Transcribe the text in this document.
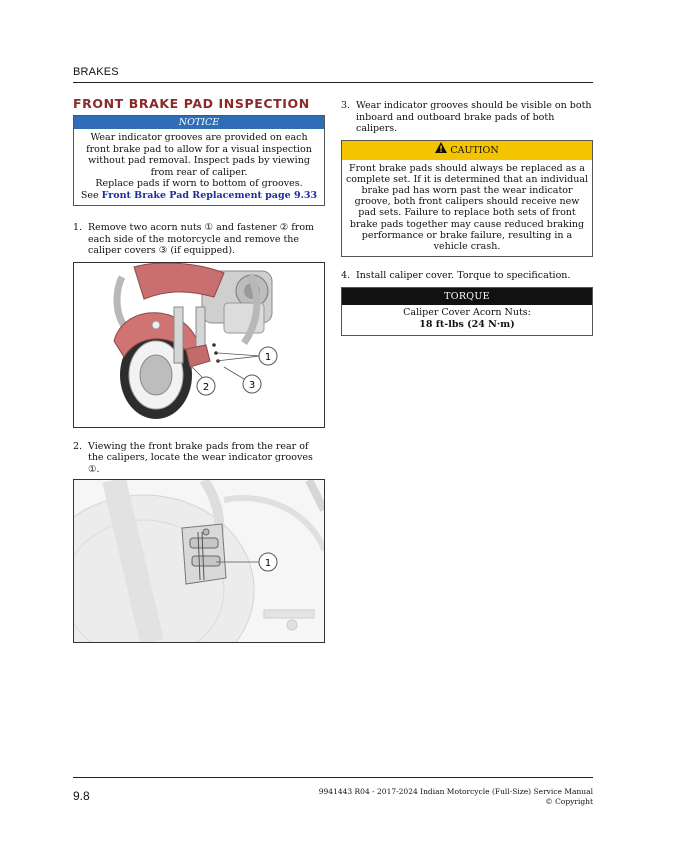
BRAKES
FRONT BRAKE PAD INSPECTION
NOTICE

Wear indicator grooves are provided on each front brake pad to allow for a visual inspection without pad removal. Inspect pads by viewing from rear of caliper.

Replace pads if worn to bottom of grooves.

See Front Brake Pad Replacement page 9.33

1. Remove two acorn nuts ① and fastener ② from each side of the motorcycle and remove the caliper covers ③ (if equipped).
1
2	3
2. Viewing the front brake pads from the rear of the calipers, locate the wear indicator grooves ①.
1
3. Wear indicator grooves should be visible on both inboard and outboard brake pads of both calipers.
CAUTION

Front brake pads should always be replaced as a complete set. If it is determined that an individual brake pad has worn past the wear indicator groove, both front calipers should receive new pad sets. Failure to replace both sets of front brake pads together may cause reduced braking performance or brake failure, resulting in a vehicle crash.

4. Install caliper cover. Torque to specification.
TORQUE
Caliper Cover Acorn Nuts:
18 ft-lbs (24 N·m)
9.8	9941443 R04 - 2017-2024 Indian Motorcycle (Full-Size) Service Manual
© Copyright
